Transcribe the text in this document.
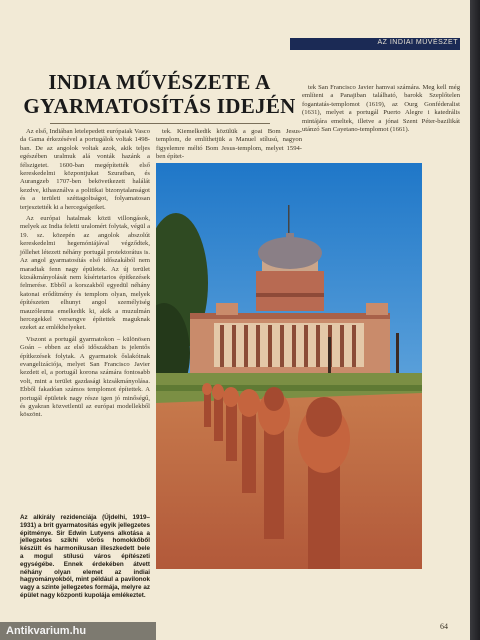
AZ INDIAI MŰVÉSZET
INDIA MŰVÉSZETE A GYARMATOSÍTÁS IDEJÉN

Az első, Indiában letelepedett európaiak Vasco da Gama érkezésével a portugálok voltak 1498-ban. De az angolok voltak azok, akik teljes egészében uralmuk alá vonták hazánk a félszigetet. 1600-ban megépítették első kereskedelmi központjukat Szuratban, és Aurangzeb 1707-ben bekövetkezett halálát kezdve, kihasználva a politikai bizonytalanságot és a területi széttagoltságot, folyamatosan terjesztették ki a hercegségeiket.

Az európai hatalmak közti villongások, melyek az India feletti uralomért folytak, végül a 19. sz. közepén az angolok abszolút kereskedelmi hegemóniájával végződtek, jóllehet létezett néhány portugál protektorátus is. Az angol gyarmatosítás első időszakából nem maradtak fenn nagy épületek. Az új terület kizsákmányolását nem kísértetarios építkezések felmerése. Ebből a korszakból egyedül néhány katonai erődítmény és templom olyan, melyek építészeten elhunyt angol személyiség mauzóleuma emelkedik ki, akik a muzulmán hercegekkel versengve építettek maguknak ezeket az emlékhelyeket.

Viszont a portugál gyarmatokon – különösen Goán – ebben az első időszakban is jelentős építkezések folytak. A gyarmatok őslakóinak evangelizációja, melyet San Francisco Javier kezdett el, a portugál korona számára fontosabb volt, mint a terület gazdasági kizsákmányolása. Ebből fakadóan számos templomot építettek. A portugál épületek nagy része igen jó minőségű, és gyakran közvetlenül az európai modellekből köszönt.

tek. Kiemelkedik közülük a goai Bom Jesus-templom, de említhetjük a Manuel stílusú, nagyon figyelemre méltó Bom Jesus-templom, melyet 1594-ben építet-

tek San Francisco Javier hamvai számára. Meg kell még említeni a Panajiban található, barokk Szeplőtelen fogantatás-templomot (1619), az Ourg Gonféderalist (1631), melyet a portugál Puerto Alegre i katedrális mintájára emeltek, illetve a jónai Szent Péter-bazilikát utánzó San Cayetano-templomot (1661).

Az alkirály rezidenciája (Újdelhi, 1919–1931) a brit gyarmatosítás egyik jellegzetes épitménye. Sir Edwin Lutyens alkotása a jellegzetes szikhi vörös homokkőből készült és harmonikusan illeszkedett bele a mogul stílusú város építészeti egységébe. Ennek érdekében átvett néhány olyan elemet az indiai hagyományokból, mint például a pavilonok vagy a szinte jellegzetes formája, melyre az épület nagy központi kupolája emlékeztet.
64
Antikvarium.hu
